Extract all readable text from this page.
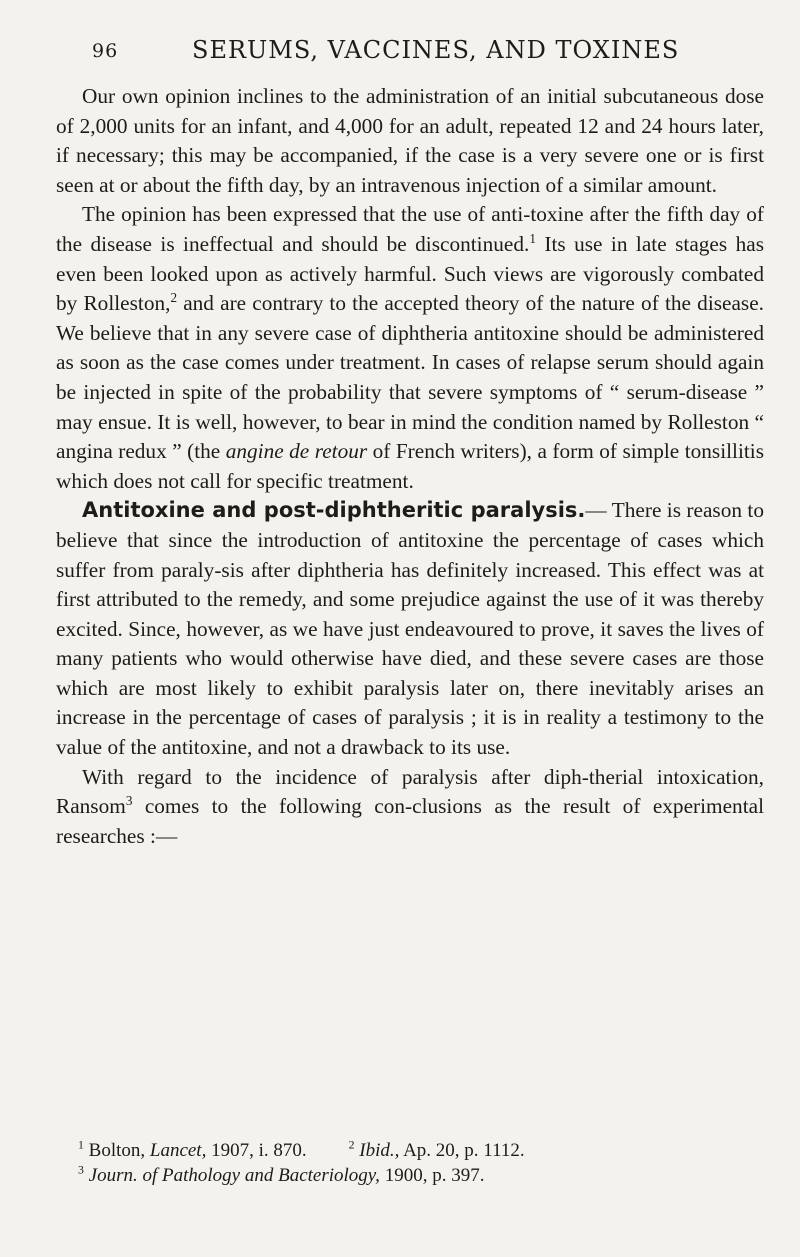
96	SERUMS, VACCINES, AND TOXINES

Our own opinion inclines to the administration of an initial subcutaneous dose of 2,000 units for an infant, and 4,000 for an adult, repeated 12 and 24 hours later, if necessary; this may be accompanied, if the case is a very severe one or is first seen at or about the fifth day, by an intravenous injection of a similar amount.

The opinion has been expressed that the use of anti-toxine after the fifth day of the disease is ineffectual and should be discontinued.$^1$ Its use in late stages has even been looked upon as actively harmful. Such views are vigorously combated by Rolleston,$^2$ and are contrary to the accepted theory of the nature of the disease. We believe that in any severe case of diphtheria antitoxine should be administered as soon as the case comes under treatment. In cases of relapse serum should again be injected in spite of the probability that severe symptoms of “ serum-disease ” may ensue. It is well, however, to bear in mind the condition named by Rolleston “ angina redux ” (the angine de retour of French writers), a form of simple tonsillitis which does not call for specific treatment.

Antitoxine and post-diphtheritic paralysis.— There is reason to believe that since the introduction of antitoxine the percentage of cases which suffer from paraly-sis after diphtheria has definitely increased. This effect was at first attributed to the remedy, and some prejudice against the use of it was thereby excited. Since, however, as we have just endeavoured to prove, it saves the lives of many patients who would otherwise have died, and these severe cases are those which are most likely to exhibit paralysis later on, there inevitably arises an increase in the percentage of cases of paralysis ; it is in reality a testimony to the value of the antitoxine, and not a drawback to its use.

With regard to the incidence of paralysis after diph-therial intoxication, Ransom$^3$ comes to the following con-clusions as the result of experimental researches :—

$^1$ Bolton, Lancet, 1907, i. 870.	$^2$ Ibid., Ap. 20, p. 1112.
$^3$ Journ. of Pathology and Bacteriology, 1900, p. 397.
